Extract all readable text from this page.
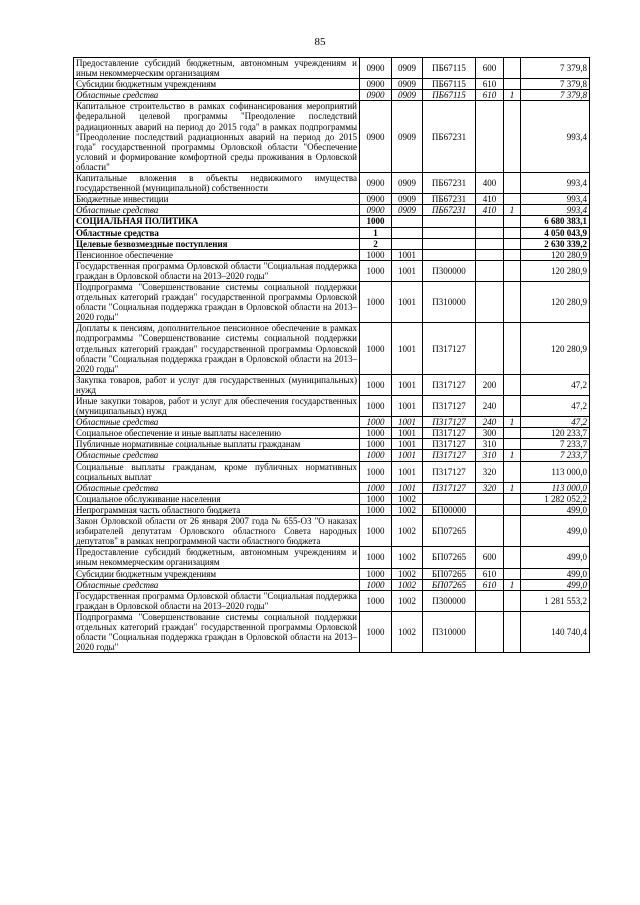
85
Предоставление субсидий бюджетным, автономным учреждениям и иным некоммерческим организациям	0900	0909	ПБ67115	600		7 379,8
Субсидии бюджетным учреждениям	0900	0909	ПБ67115	610		7 379,8
Областные средства	0900	0909	ПБ67115	610	1	7 379,8
Капитальное строительство в рамках софинансирования мероприятий федеральной целевой программы "Преодоление последствий радиационных аварий на период до 2015 года" в рамках подпрограммы "Преодоление последствий радиационных аварий на период до 2015 года" государственной программы Орловской области "Обеспечение условий и формирование комфортной среды проживания в Орловской области"	0900	0909	ПБ67231			993,4
Капитальные вложения в объекты недвижимого имущества государственной (муниципальной) собственности	0900	0909	ПБ67231	400		993,4
Бюджетные инвестиции	0900	0909	ПБ67231	410		993,4
Областные средства	0900	0909	ПБ67231	410	1	993,4
СОЦИАЛЬНАЯ ПОЛИТИКА	1000					6 680 383,1
Областные средства	1					4 050 043,9
Целевые безвозмездные поступления	2					2 630 339,2
Пенсионное обеспечение	1000	1001				120 280,9
Государственная программа Орловской области "Социальная поддержка граждан в Орловской области на 2013–2020 годы"	1000	1001	П300000			120 280,9
Подпрограмма "Совершенствование системы социальной поддержки отдельных категорий граждан" государственной программы Орловской области "Социальная поддержка граждан в Орловской области на 2013–2020 годы"	1000	1001	П310000			120 280,9
Доплаты к пенсиям, дополнительное пенсионное обеспечение в рамках подпрограммы "Совершенствование системы социальной поддержки отдельных категорий граждан" государственной программы Орловской области "Социальная поддержка граждан в Орловской области на 2013–2020 годы"	1000	1001	П317127			120 280,9
Закупка товаров, работ и услуг для государственных (муниципальных) нужд	1000	1001	П317127	200		47,2
Иные закупки товаров, работ и услуг для обеспечения государственных (муниципальных) нужд	1000	1001	П317127	240		47,2
Областные средства	1000	1001	П317127	240	1	47,2
Социальное обеспечение и иные выплаты населению	1000	1001	П317127	300		120 233,7
Публичные нормативные социальные выплаты гражданам	1000	1001	П317127	310		7 233,7
Областные средства	1000	1001	П317127	310	1	7 233,7
Социальные выплаты гражданам, кроме публичных нормативных социальных выплат	1000	1001	П317127	320		113 000,0
Областные средства	1000	1001	П317127	320	1	113 000,0
Социальное обслуживание населения	1000	1002				1 282 052,2
Непрограммная часть областного бюджета	1000	1002	БП00000			499,0
Закон Орловской области от 26 января 2007 года № 655-ОЗ "О наказах избирателей депутатам Орловского областного Совета народных депутатов" в рамках непрограммной части областного бюджета	1000	1002	БП07265			499,0
Предоставление субсидий бюджетным, автономным учреждениям и иным некоммерческим организациям	1000	1002	БП07265	600		499,0
Субсидии бюджетным учреждениям	1000	1002	БП07265	610		499,0
Областные средства	1000	1002	БП07265	610	1	499,0
Государственная программа Орловской области "Социальная поддержка граждан в Орловской области на 2013–2020 годы"	1000	1002	П300000			1 281 553,2
Подпрограмма "Совершенствование системы социальной поддержки отдельных категорий граждан" государственной программы Орловской области "Социальная поддержка граждан в Орловской области на 2013–2020 годы"	1000	1002	П310000			140 740,4
